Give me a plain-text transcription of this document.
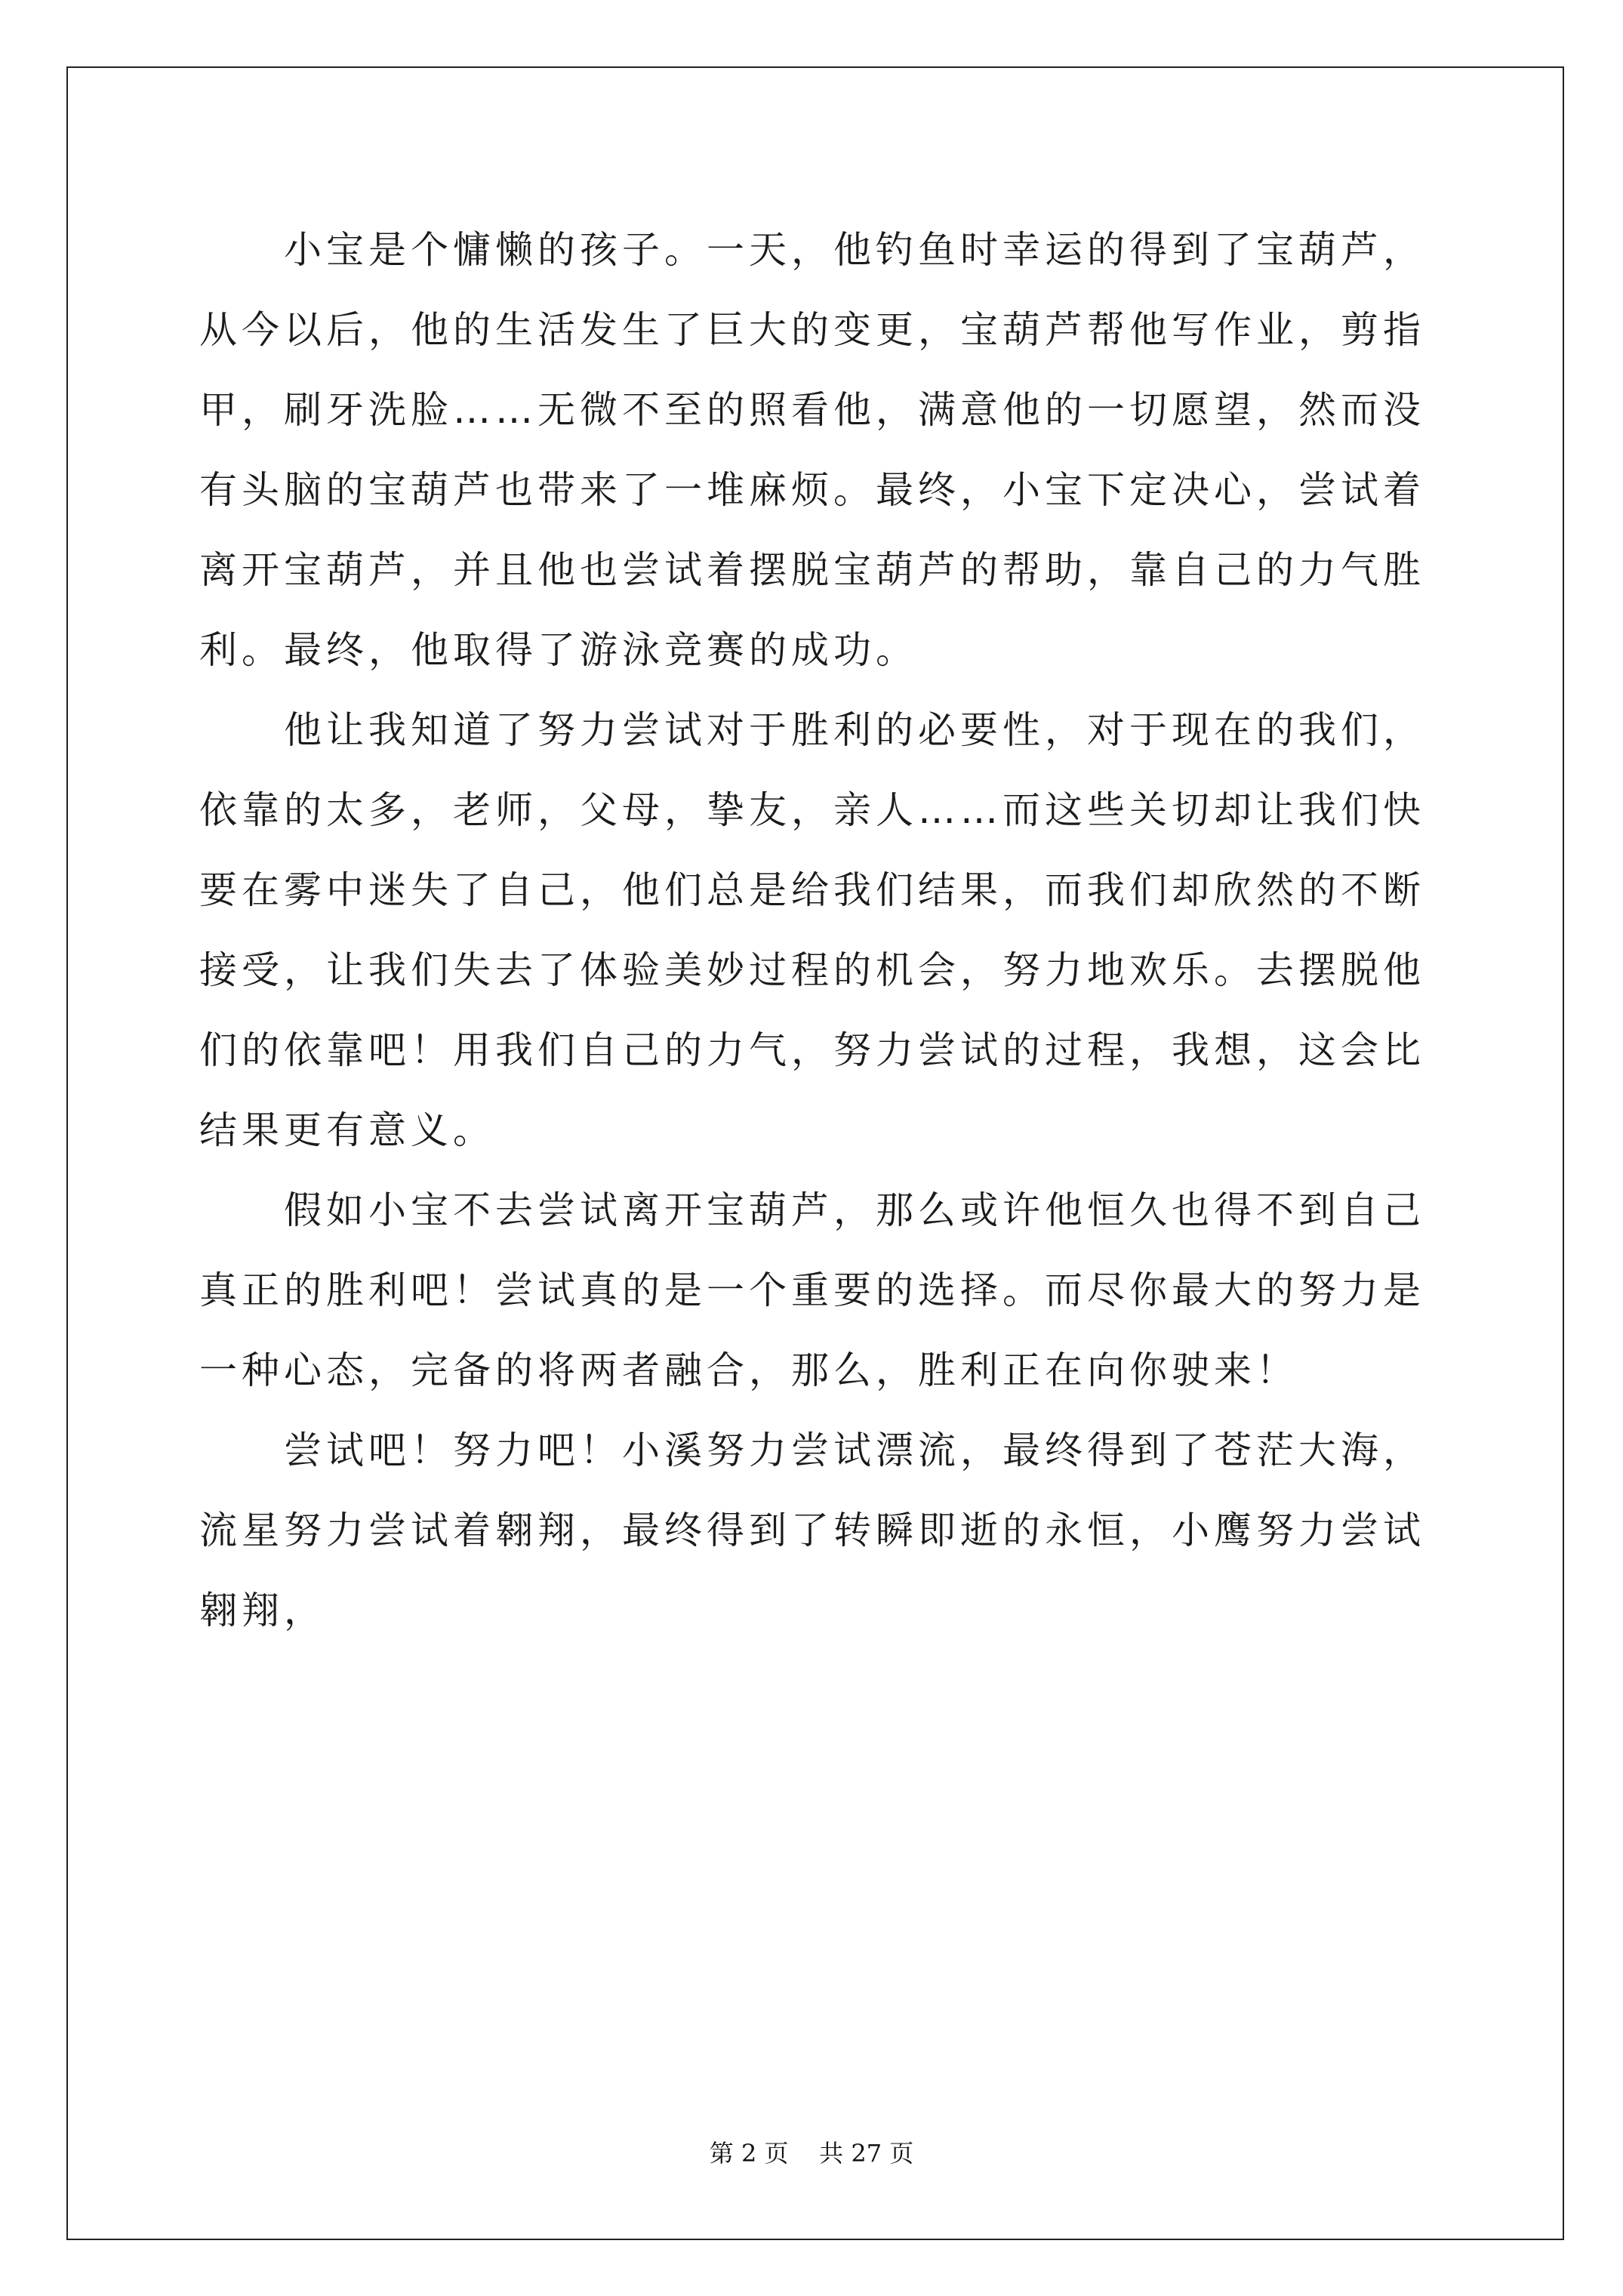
小宝是个慵懒的孩子。一天，他钓鱼时幸运的得到了宝葫芦，从今以后，他的生活发生了巨大的变更，宝葫芦帮他写作业，剪指甲，刷牙洗脸……无微不至的照看他，满意他的一切愿望，然而没有头脑的宝葫芦也带来了一堆麻烦。最终，小宝下定决心，尝试着离开宝葫芦，并且他也尝试着摆脱宝葫芦的帮助，靠自己的力气胜利。最终，他取得了游泳竞赛的成功。

他让我知道了努力尝试对于胜利的必要性，对于现在的我们，依靠的太多，老师，父母，挚友，亲人……而这些关切却让我们快要在雾中迷失了自己，他们总是给我们结果，而我们却欣然的不断接受，让我们失去了体验美妙过程的机会，努力地欢乐。去摆脱他们的依靠吧！用我们自己的力气，努力尝试的过程，我想，这会比结果更有意义。

假如小宝不去尝试离开宝葫芦，那么或许他恒久也得不到自己真正的胜利吧！尝试真的是一个重要的选择。而尽你最大的努力是一种心态，完备的将两者融合，那么，胜利正在向你驶来！

尝试吧！努力吧！小溪努力尝试漂流，最终得到了苍茫大海，流星努力尝试着翱翔，最终得到了转瞬即逝的永恒，小鹰努力尝试翱翔，

第 2 页    共 27 页
